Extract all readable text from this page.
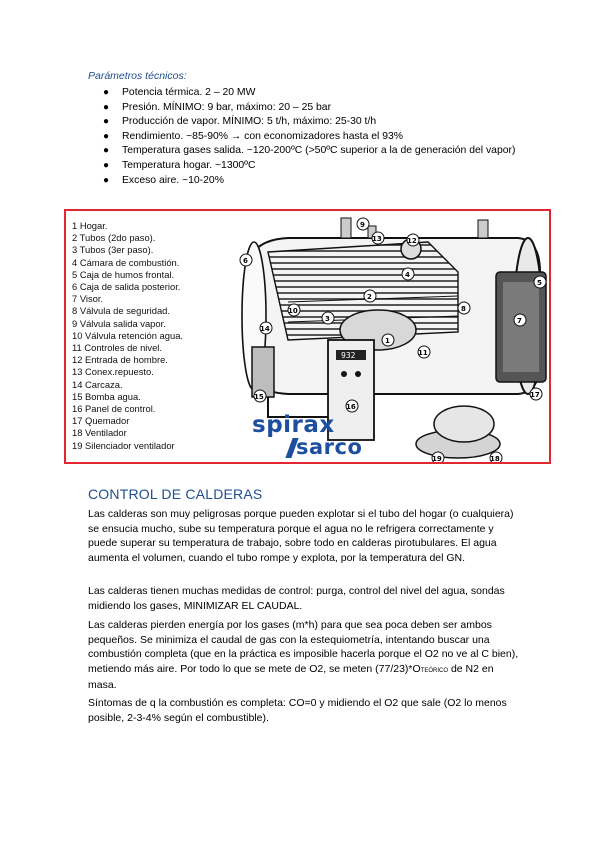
Parámetros técnicos:
● Potencia térmica. 2 – 20 MW
● Presión. MÍNIMO: 9 bar, máximo: 20 – 25 bar
● Producción de vapor. MÍNIMO: 5 t/h, máximo: 25-30 t/h
● Rendimiento. ~85-90% → con economizadores hasta el 93%
● Temperatura gases salida. ~120-200ºC (>50ºC superior a la de generación del vapor)
● Temperatura hogar. ~1300ºC
● Exceso aire. ~10-20%
1 Hogar.
2 Tubos (2do paso).
3 Tubos (3er paso).
4 Cámara de combustión.
5 Caja de humos frontal.
6 Caja de salida posterior.
7 Visor.
8 Válvula de seguridad.
9 Válvula salida vapor.
10 Válvula retención agua.
11 Controles de nivel.
12 Entrada de hombre.
13 Conex.repuesto.
14 Carcaza.
15 Bomba agua.
16 Panel de control.
17 Quemador
18 Ventilador
19 Silenciador ventilador
932
9
13	12
6
4
5
2
10
3
8
7
14
1
11
15	17
16
19	18
spirax
sarco
CONTROL DE CALDERAS

Las calderas son muy peligrosas porque pueden explotar si el tubo del hogar (o cualquiera) se ensucia mucho, sube su temperatura porque el agua no le refrigera correctamente y puede superar su temperatura de trabajo, sobre todo en calderas pirotubulares. El agua aumenta el volumen, cuando el tubo rompe y explota, por la temperatura del GN.

Las calderas tienen muchas medidas de control: purga, control del nivel del agua, sondas midiendo los gases, MINIMIZAR EL CAUDAL.

Las calderas pierden energía por los gases (m*h) para que sea poca deben ser ambos pequeños. Se minimiza el caudal de gas con la estequiometría, intentando buscar una combustión completa (que en la práctica es imposible hacerla porque el O2 no ve al C bien), metiendo más aire. Por todo lo que se mete de O2, se meten (77/23)*OTEÓRICO de N2 en masa.

Síntomas de q la combustión es completa: CO=0 y midiendo el O2 que sale (O2 lo menos posible, 2-3-4% según el combustible).
